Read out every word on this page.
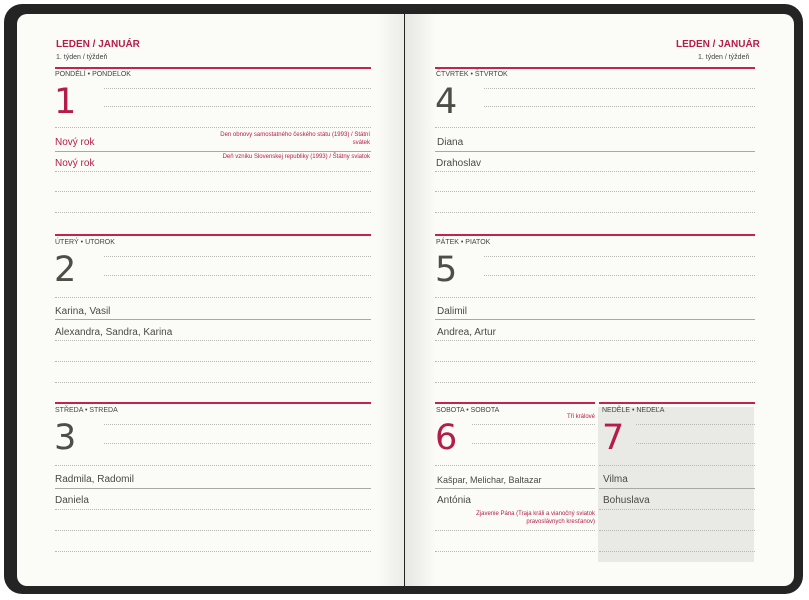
LEDEN / JANUÁR
1. týden / týždeň
LEDEN / JANUÁR
1. týden / týždeň
PONDĚLÍ • PONDELOK
1
Nový rok
Den obnovy samostatného českého státu (1993) / Státní svátek
Nový rok
Deň vzniku Slovenskej republiky (1993) / Štátny sviatok
ÚTERÝ • UTOROK
2
Karina, Vasil
Alexandra, Sandra, Karina
STŘEDA • STREDA
3
Radmila, Radomil
Daniela
ČTVRTEK • ŠTVRTOK
4
Diana
Drahoslav
PÁTEK • PIATOK
5
Dalimil
Andrea, Artur
SOBOTA • SOBOTA
Tři králové
6
Kašpar, Melichar, Baltazar
Antónia
Zjavenie Pána (Traja králi a vianočný sviatok pravoslávnych kresťanov)
NEDĚLE • NEDEĽA
7
Vilma
Bohuslava
